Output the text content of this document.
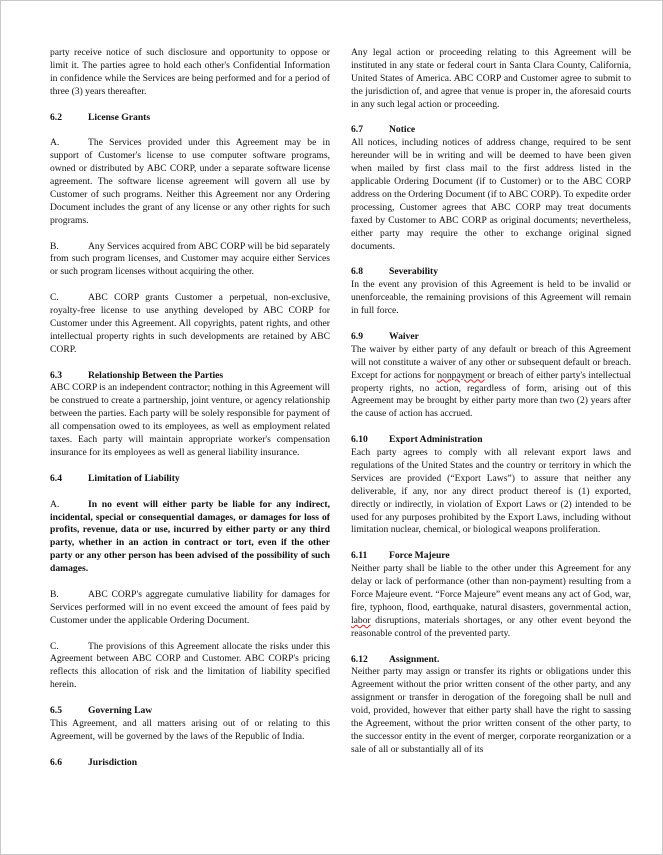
party receive notice of such disclosure and opportunity to oppose or limit it. The parties agree to hold each other's Confidential Information in confidence while the Services are being performed and for a period of three (3) years thereafter.

6.2	License Grants

A.	The Services provided under this Agreement may be in support of Customer's license to use computer software programs, owned or distributed by ABC CORP, under a separate software license agreement. The software license agreement will govern all use by Customer of such programs. Neither this Agreement nor any Ordering Document includes the grant of any license or any other rights for such programs.

B.	Any Services acquired from ABC CORP will be bid separately from such program licenses, and Customer may acquire either Services or such program licenses without acquiring the other.

C.	ABC CORP grants Customer a perpetual, non-exclusive, royalty-free license to use anything developed by ABC CORP for Customer under this Agreement. All copyrights, patent rights, and other intellectual property rights in such developments are retained by ABC CORP.

6.3	Relationship Between the Parties

ABC CORP is an independent contractor; nothing in this Agreement will be construed to create a partnership, joint venture, or agency relationship between the parties. Each party will be solely responsible for payment of all compensation owed to its employees, as well as employment related taxes. Each party will maintain appropriate worker's compensation insurance for its employees as well as general liability insurance.

6.4	Limitation of Liability

A.	In no event will either party be liable for any indirect, incidental, special or consequential damages, or damages for loss of profits, revenue, data or use, incurred by either party or any third party, whether in an action in contract or tort, even if the other party or any other person has been advised of the possibility of such damages.

B.	ABC CORP's aggregate cumulative liability for damages for Services performed will in no event exceed the amount of fees paid by Customer under the applicable Ordering Document.

C.	The provisions of this Agreement allocate the risks under this Agreement between ABC CORP and Customer. ABC CORP's pricing reflects this allocation of risk and the limitation of liability specified herein.

6.5	Governing Law

This Agreement, and all matters arising out of or relating to this Agreement, will be governed by the laws of the Republic of India.

6.6	Jurisdiction

Any legal action or proceeding relating to this Agreement will be instituted in any state or federal court in Santa Clara County, California, United States of America. ABC CORP and Customer agree to submit to the jurisdiction of, and agree that venue is proper in, the aforesaid courts in any such legal action or proceeding.

6.7	Notice

All notices, including notices of address change, required to be sent hereunder will be in writing and will be deemed to have been given when mailed by first class mail to the first address listed in the applicable Ordering Document (if to Customer) or to the ABC CORP address on the Ordering Document (if to ABC CORP). To expedite order processing, Customer agrees that ABC CORP may treat documents faxed by Customer to ABC CORP as original documents; nevertheless, either party may require the other to exchange original signed documents.

6.8	Severability

In the event any provision of this Agreement is held to be invalid or unenforceable, the remaining provisions of this Agreement will remain in full force.

6.9	Waiver

The waiver by either party of any default or breach of this Agreement will not constitute a waiver of any other or subsequent default or breach. Except for actions for nonpayment or breach of either party's intellectual property rights, no action, regardless of form, arising out of this Agreement may be brought by either party more than two (2) years after the cause of action has accrued.

6.10	Export Administration

Each party agrees to comply with all relevant export laws and regulations of the United States and the country or territory in which the Services are provided (“Export Laws”) to assure that neither any deliverable, if any, nor any direct product thereof is (1) exported, directly or indirectly, in violation of Export Laws or (2) intended to be used for any purposes prohibited by the Export Laws, including without limitation nuclear, chemical, or biological weapons proliferation.

6.11	Force Majeure

Neither party shall be liable to the other under this Agreement for any delay or lack of performance (other than non-payment) resulting from a Force Majeure event. “Force Majeure” event means any act of God, war, fire, typhoon, flood, earthquake, natural disasters, governmental action, labor disruptions, materials shortages, or any other event beyond the reasonable control of the prevented party.

6.12	Assignment.

Neither party may assign or transfer its rights or obligations under this Agreement without the prior written consent of the other party, and any assignment or transfer in derogation of the foregoing shall be null and void, provided, however that either party shall have the right to sassing the Agreement, without the prior written consent of the other party, to the successor entity in the event of merger, corporate reorganization or a sale of all or substantially all of its
